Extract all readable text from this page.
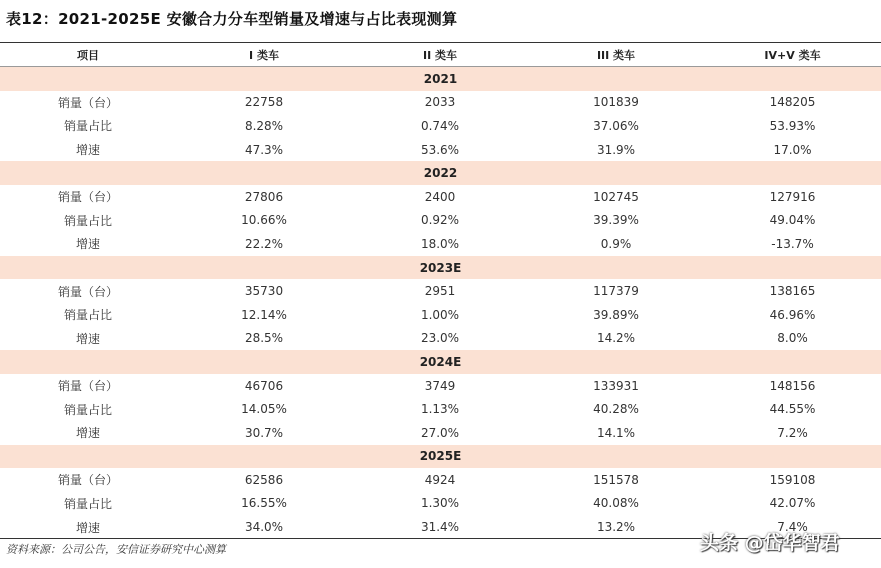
表12：2021-2025E 安徽合力分车型销量及增速与占比表现测算
项目	I 类车	II 类车	III 类车	IV+V 类车
2021
销量（台）	22758	2033	101839	148205
销量占比	8.28%	0.74%	37.06%	53.93%
增速	47.3%	53.6%	31.9%	17.0%
2022
销量（台）	27806	2400	102745	127916
销量占比	10.66%	0.92%	39.39%	49.04%
增速	22.2%	18.0%	0.9%	-13.7%
2023E
销量（台）	35730	2951	117379	138165
销量占比	12.14%	1.00%	39.89%	46.96%
增速	28.5%	23.0%	14.2%	8.0%
2024E
销量（台）	46706	3749	133931	148156
销量占比	14.05%	1.13%	40.28%	44.55%
增速	30.7%	27.0%	14.1%	7.2%
2025E
销量（台）	62586	4924	151578	159108
销量占比	16.55%	1.30%	40.08%	42.07%
增速	34.0%	31.4%	13.2%	7.4%
资料来源：公司公告，安信证券研究中心测算	头条 @岱华智君
